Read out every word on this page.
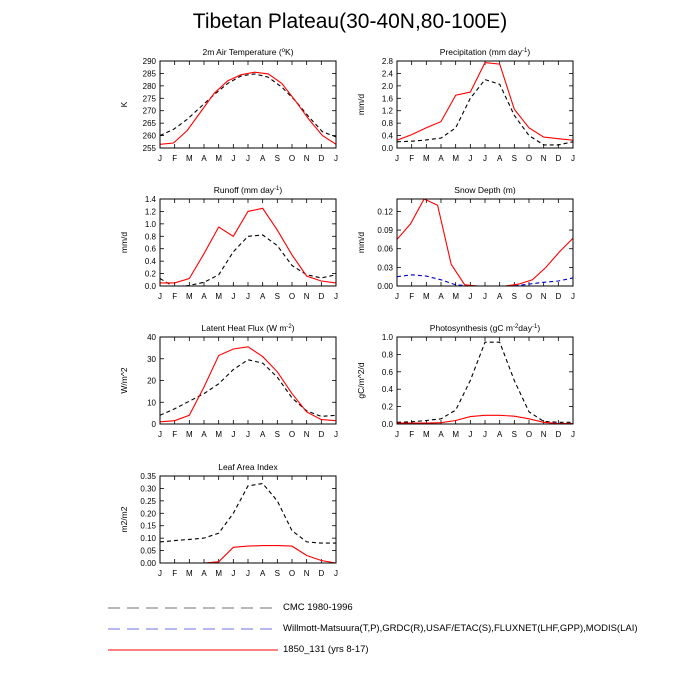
Tibetan Plateau(30-40N,80-100E)
2m Air Temperature ($^o$K)
K
255
260
265
270
275
280
285
290
J F M A M J J A S O N D J
Precipitation (mm day$^{-1}$)
mm/d
0.0
0.4
0.8
1.2
1.6
2.0
2.4
2.8
J F M A M J J A S O N D J
Runoff (mm day$^{-1}$)
mm/d
0.0
0.2
0.4
0.6
0.8
1.0
1.2
1.4
J F M A M J J A S O N D J
Snow Depth (m)
mm/d
0.00
0.03
0.06
0.09
0.12
J F M A M J J A S O N D J
Latent Heat Flux (W $m^{-2}$)
W/m^2
0
10
20
30
40
J F M A M J J A S O N D J
Photosynthesis (gC $m^{-2}day^{-1}$)
gC/m^2/d
0.0
0.2
0.4
0.6
0.8
1.0
J F M A M J J A S O N D J
Leaf Area Index
m2/m2
0.00
0.05
0.10
0.15
0.20
0.25
0.30
0.35
J F M A M J J A S O N D J
CMC 1980-1996
Willmott-Matsuura(T,P),GRDC(R),USAF/ETAC(S),FLUXNET(LHF,GPP),MODIS(LAI)
1850_131 (yrs 8-17)
